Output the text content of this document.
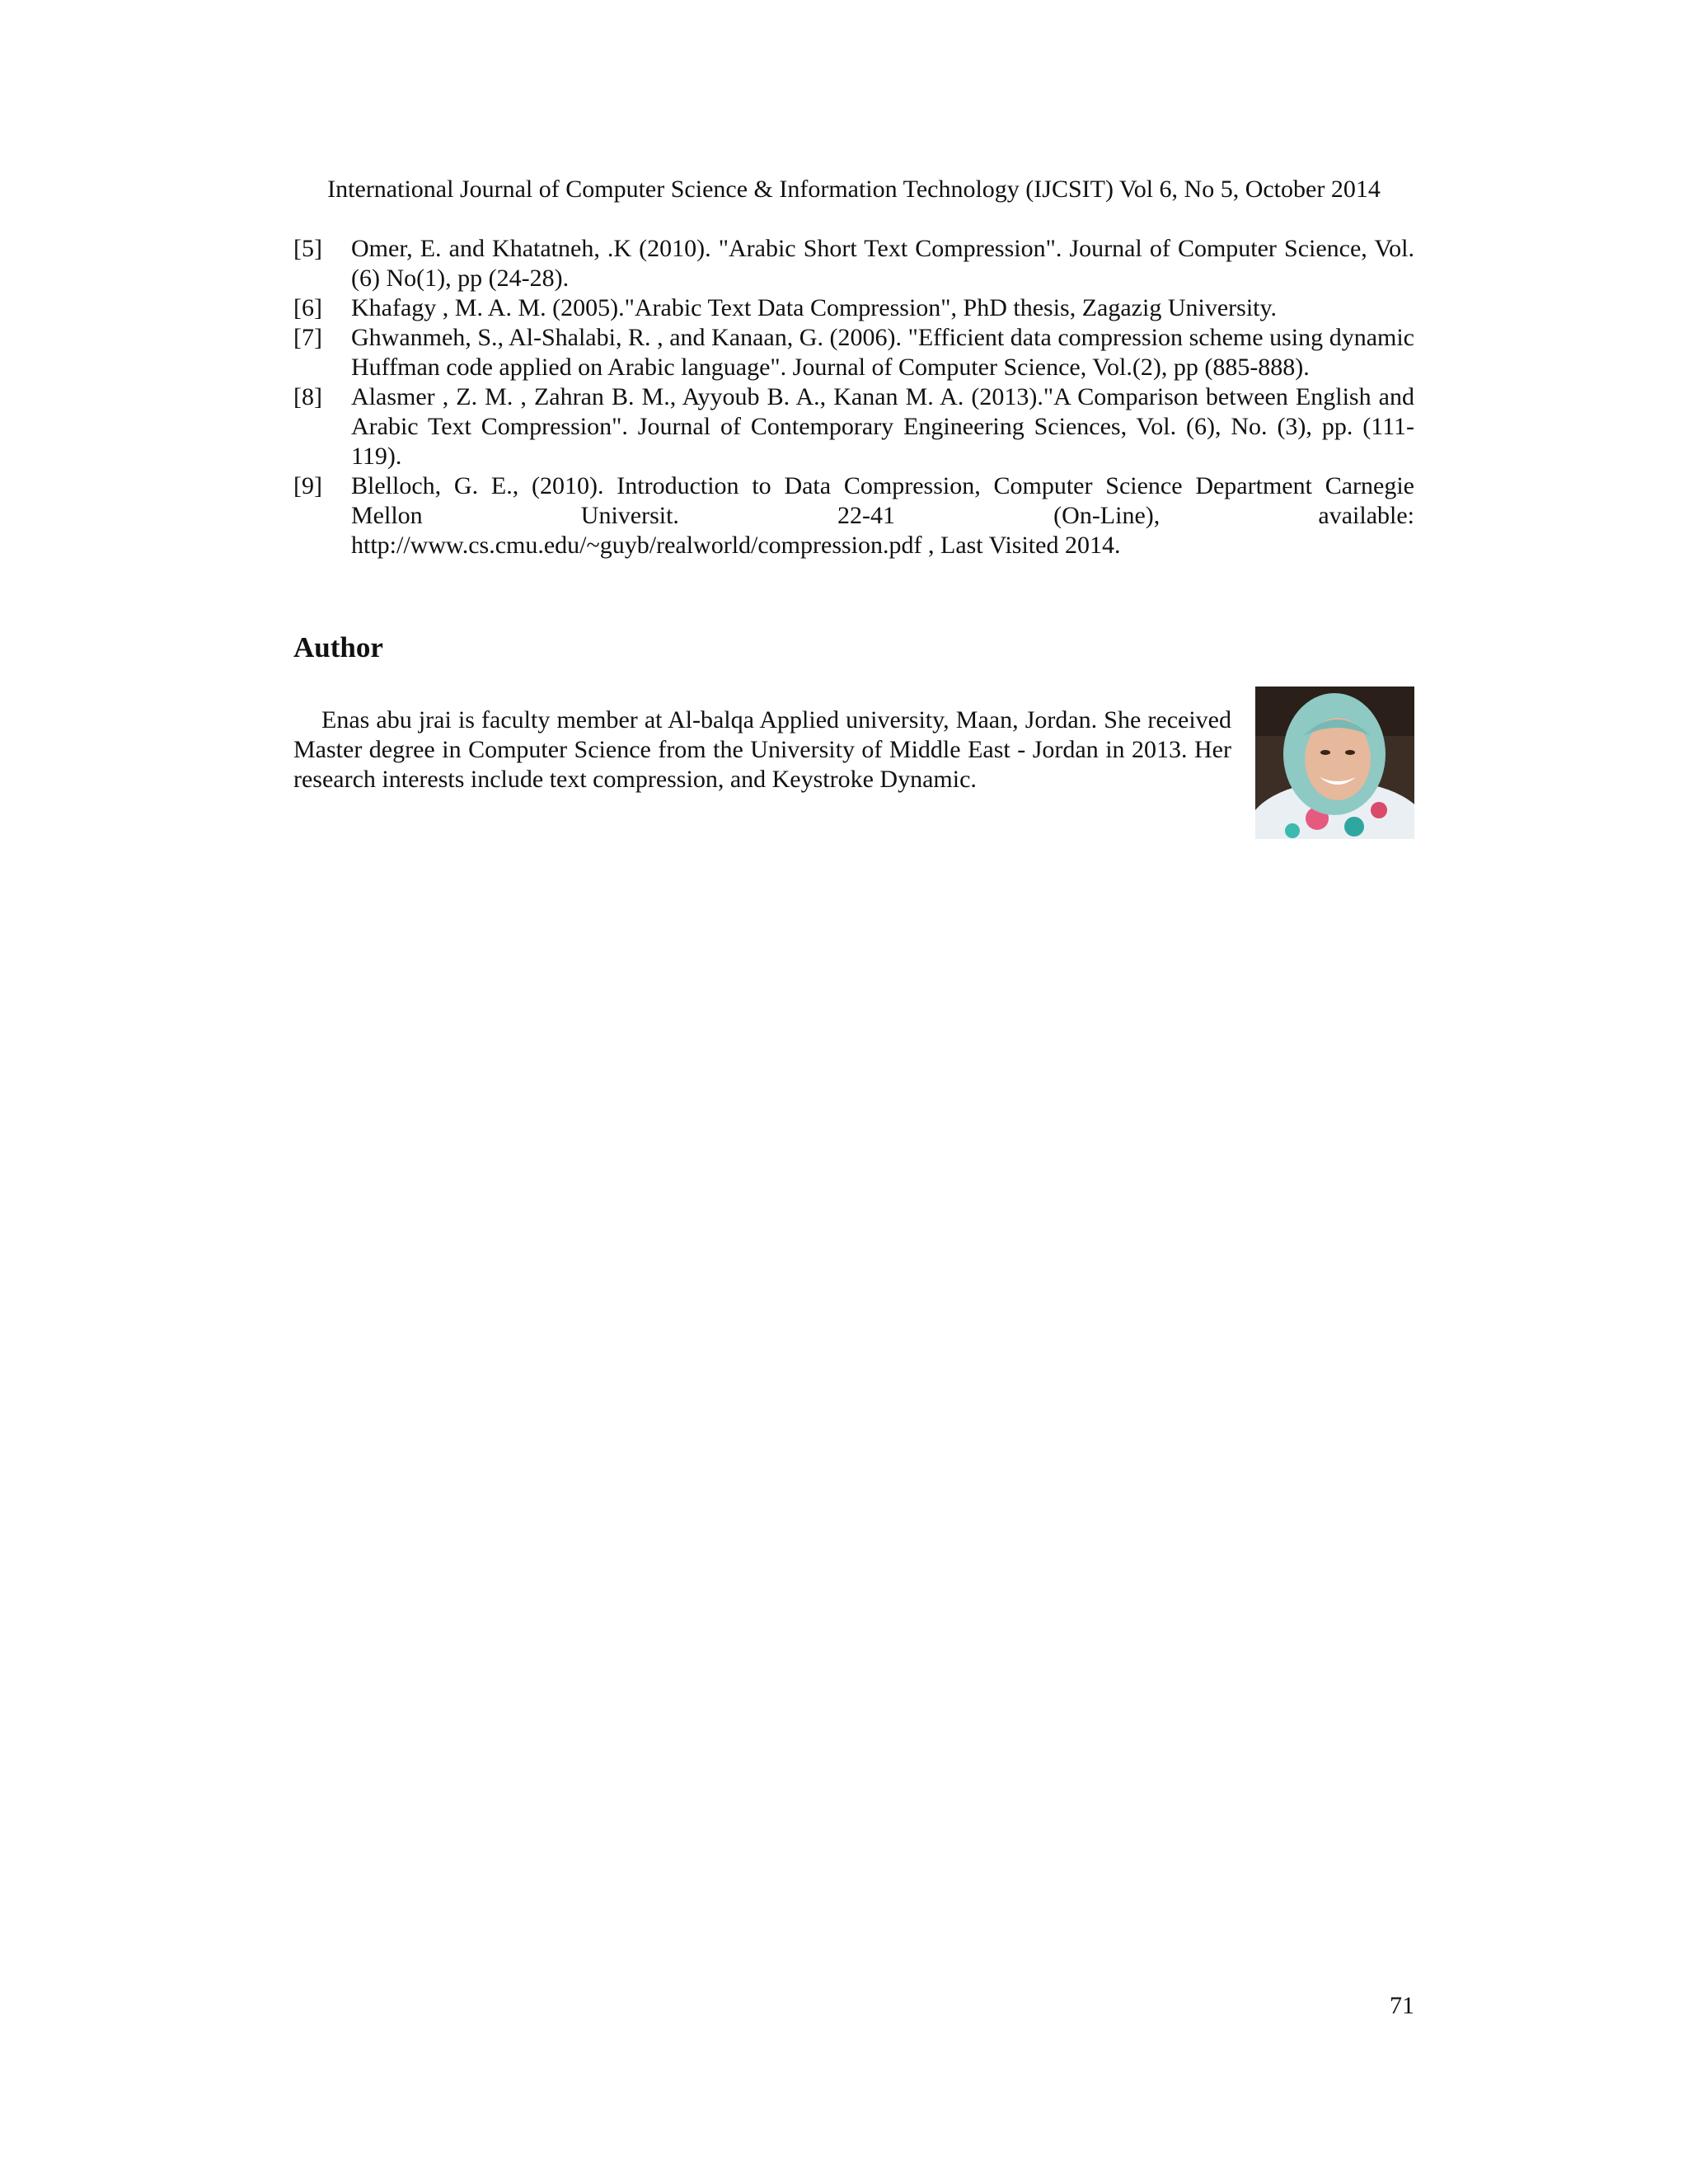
International Journal of Computer Science & Information Technology (IJCSIT) Vol 6, No 5, October 2014

[5] Omer, E. and Khatatneh, .K (2010). "Arabic Short Text Compression". Journal of Computer Science, Vol.(6) No(1), pp (24-28).

[6] Khafagy , M. A. M. (2005)."Arabic Text Data Compression", PhD thesis, Zagazig University.

[7] Ghwanmeh, S., Al-Shalabi, R. , and Kanaan, G. (2006). "Efficient data compression scheme using dynamic Huffman code applied on Arabic language". Journal of Computer Science, Vol.(2), pp (885-888).

[8] Alasmer , Z. M. , Zahran B. M., Ayyoub B. A., Kanan M. A. (2013)."A Comparison between English and Arabic Text Compression". Journal of Contemporary Engineering Sciences, Vol. (6), No. (3), pp. (111-119).

[9] Blelloch, G. E., (2010). Introduction to Data Compression, Computer Science Department Carnegie Mellon Universit. 22-41 (On-Line), available:
http://www.cs.cmu.edu/~guyb/realworld/compression.pdf , Last Visited 2014.

Author

Enas abu jrai is faculty member at Al-balqa Applied university, Maan, Jordan. She received Master degree in Computer Science from the University of Middle East - Jordan in 2013. Her research interests include text compression, and Keystroke Dynamic.

71
